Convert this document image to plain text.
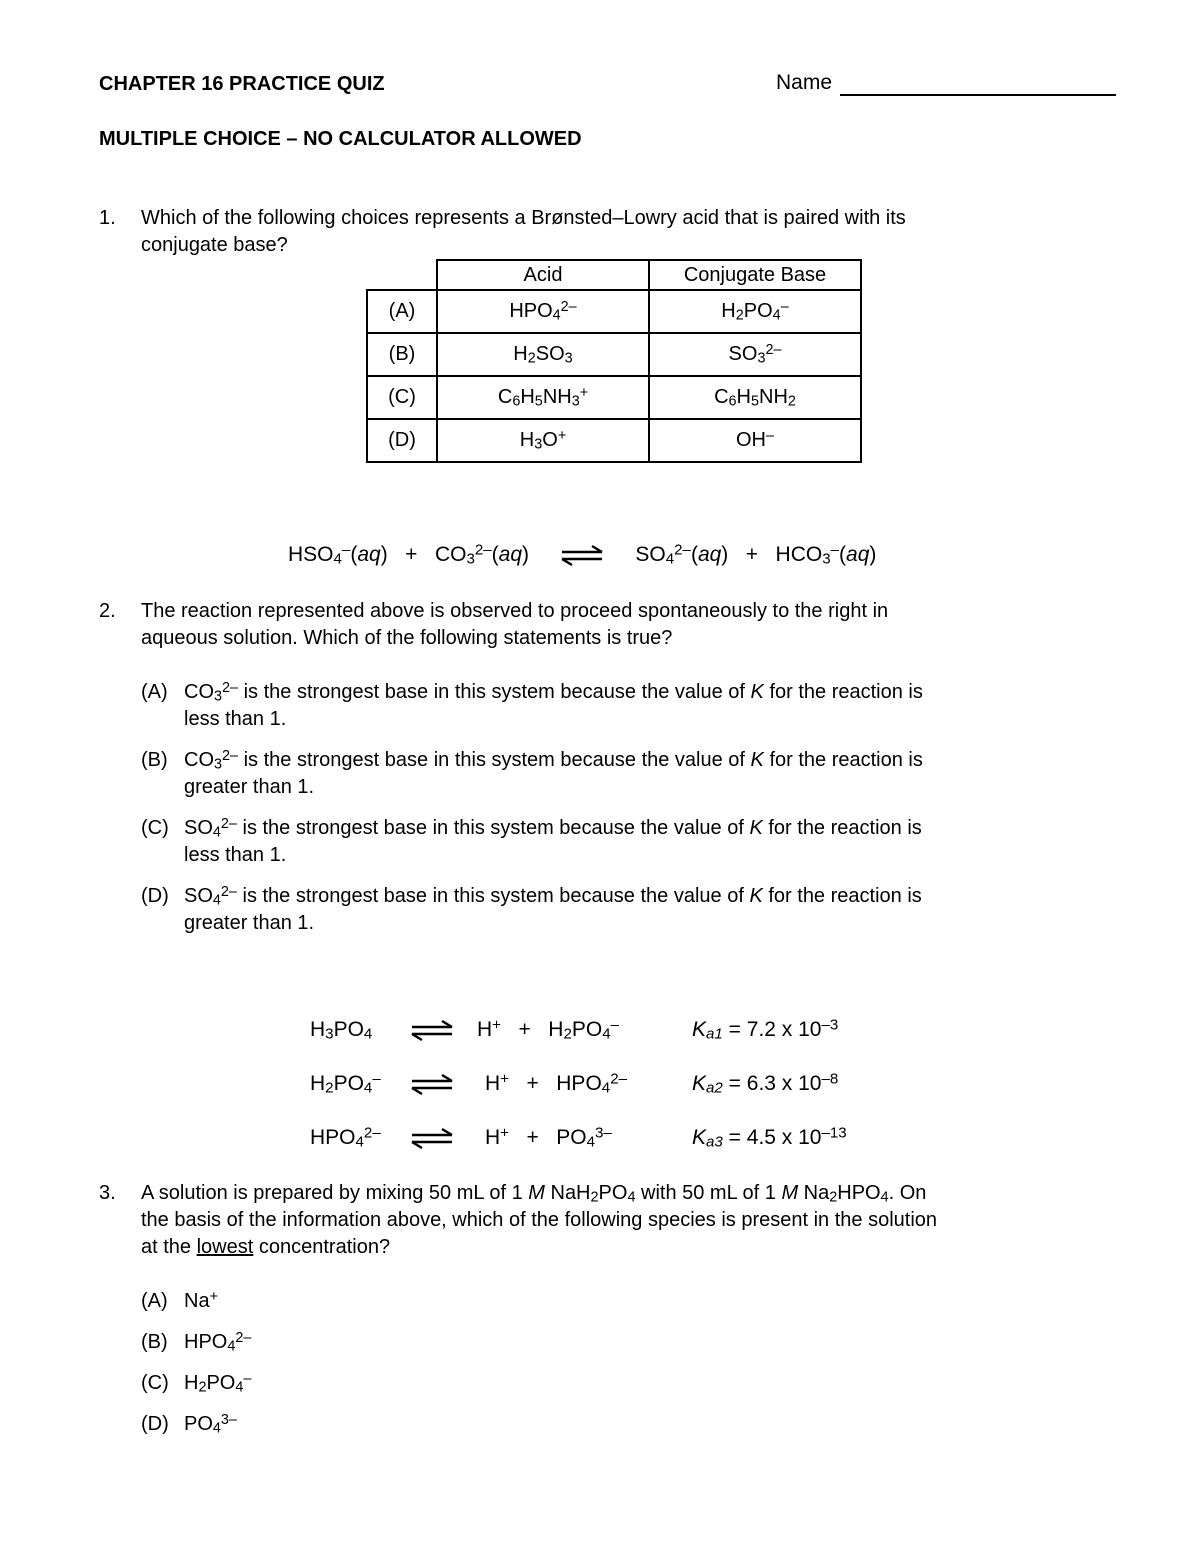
CHAPTER 16 PRACTICE QUIZ	Name
MULTIPLE CHOICE – NO CALCULATOR ALLOWED
1. Which of the following choices represents a Brønsted–Lowry acid that is paired with its
conjugate base?
	Acid	Conjugate Base
(A)	$HPO_4^{2-}$	$H_2PO_4^-$
(B)	$H_2SO_3$	$SO_3^{2-}$
(C)	$C_6H_5NH_3^+$	$C_6H_5NH_2$
(D)	$H_3O^+$	OH–
$HSO_4^-(aq) + CO_3^{2-}(aq)$          $SO_4^{2-}(aq) + HCO_3^-(aq)$
2. The reaction represented above is observed to proceed spontaneously to the right in
aqueous solution. Which of the following statements is true?
(A) $CO_3^{2-}$ is the strongest base in this system because the value of K for the reaction is
less than 1.
(B) $CO_3^{2-}$ is the strongest base in this system because the value of K for the reaction is
greater than 1.
(C) $SO_4^{2-}$ is the strongest base in this system because the value of K for the reaction is
less than 1.
(D) $SO_4^{2-}$ is the strongest base in this system because the value of K for the reaction is
greater than 1.
$H_3PO_4$	$H^+ + H_2PO_4^-$	$K_{a1} = 7.2$ x $10^{-3}$
$H_2PO_4^-$	$H^+ + HPO_4^{2-}$	$K_{a2} = 6.3$ x $10^{-8}$
$HPO_4^{2-}$	$H^+ + PO_4^{3-}$	$K_{a3} = 4.5$ x $10^{-13}$
3. A solution is prepared by mixing 50 mL of 1 M $NaH_2PO_4$ with 50 mL of 1 M $Na_2HPO_4$. On
the basis of the information above, which of the following species is present in the solution
at the lowest concentration?
(A) Na+
(B) $HPO_4^{2-}$
(C) $H_2PO_4^-$
(D) $PO_4^{3-}$
